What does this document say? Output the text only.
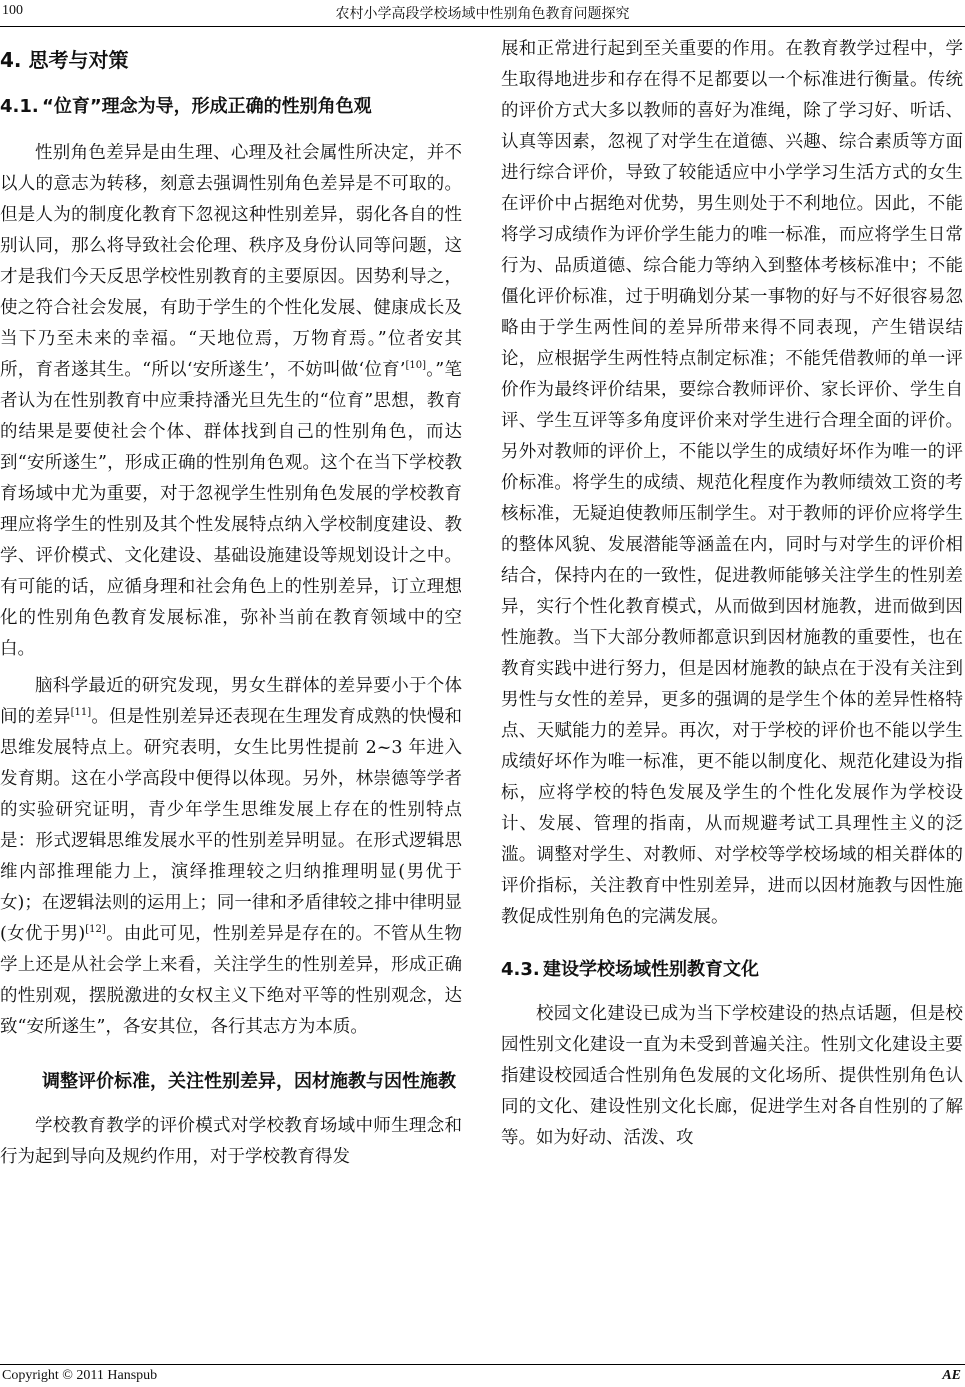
100	农村小学高段学校场域中性别角色教育问题探究
4. 思考与对策
4.1. “位育”理念为导，形成正确的性别角色观

性别角色差异是由生理、心理及社会属性所决定，并不以人的意志为转移，刻意去强调性别角色差异是不可取的。但是人为的制度化教育下忽视这种性别差异，弱化各自的性别认同，那么将导致社会伦理、秩序及身份认同等问题，这才是我们今天反思学校性别教育的主要原因。因势利导之，使之符合社会发展，有助于学生的个性化发展、健康成长及当下乃至未来的幸福。“天地位焉，万物育焉。”位者安其所，育者遂其生。“所以‘安所遂生’，不妨叫做‘位育’[10]。”笔者认为在性别教育中应秉持潘光旦先生的“位育”思想，教育的结果是要使社会个体、群体找到自己的性别角色，而达到“安所遂生”，形成正确的性别角色观。这个在当下学校教育场域中尤为重要，对于忽视学生性别角色发展的学校教育理应将学生的性别及其个性发展特点纳入学校制度建设、教学、评价模式、文化建设、基础设施建设等规划设计之中。有可能的话，应循身理和社会角色上的性别差异，订立理想化的性别角色教育发展标准，弥补当前在教育领域中的空白。

脑科学最近的研究发现，男女生群体的差异要小于个体间的差异[11]。但是性别差异还表现在生理发育成熟的快慢和思维发展特点上。研究表明，女生比男性提前 2~3 年进入发育期。这在小学高段中便得以体现。另外，林崇德等学者的实验研究证明，青少年学生思维发展上存在的性别特点是：形式逻辑思维发展水平的性别差异明显。在形式逻辑思维内部推理能力上，演绎推理较之归纳推理明显(男优于女)；在逻辑法则的运用上；同一律和矛盾律较之排中律明显(女优于男)[12]。由此可见，性别差异是存在的。不管从生物学上还是从社会学上来看，关注学生的性别差异，形成正确的性别观，摆脱激进的女权主义下绝对平等的性别观念，达致“安所遂生”，各安其位，各行其志方为本质。

调整评价标准，关注性别差异，因材施教与因性施教

学校教育教学的评价模式对学校教育场域中师生理念和行为起到导向及规约作用，对于学校教育得发

展和正常进行起到至关重要的作用。在教育教学过程中，学生取得地进步和存在得不足都要以一个标准进行衡量。传统的评价方式大多以教师的喜好为准绳，除了学习好、听话、认真等因素，忽视了对学生在道德、兴趣、综合素质等方面进行综合评价，导致了较能适应中小学学习生活方式的女生在评价中占据绝对优势，男生则处于不利地位。因此，不能将学习成绩作为评价学生能力的唯一标准，而应将学生日常行为、品质道德、综合能力等纳入到整体考核标准中；不能僵化评价标准，过于明确划分某一事物的好与不好很容易忽略由于学生两性间的差异所带来得不同表现，产生错误结论，应根据学生两性特点制定标准；不能凭借教师的单一评价作为最终评价结果，要综合教师评价、家长评价、学生自评、学生互评等多角度评价来对学生进行合理全面的评价。另外对教师的评价上，不能以学生的成绩好坏作为唯一的评价标准。将学生的成绩、规范化程度作为教师绩效工资的考核标准，无疑迫使教师压制学生。对于教师的评价应将学生的整体风貌、发展潜能等涵盖在内，同时与对学生的评价相结合，保持内在的一致性，促进教师能够关注学生的性别差异，实行个性化教育模式，从而做到因材施教，进而做到因性施教。当下大部分教师都意识到因材施教的重要性，也在教育实践中进行努力，但是因材施教的缺点在于没有关注到男性与女性的差异，更多的强调的是学生个体的差异性格特点、天赋能力的差异。再次，对于学校的评价也不能以学生成绩好坏作为唯一标准，更不能以制度化、规范化建设为指标，应将学校的特色发展及学生的个性化发展作为学校设计、发展、管理的指南，从而规避考试工具理性主义的泛滥。调整对学生、对教师、对学校等学校场域的相关群体的评价指标，关注教育中性别差异，进而以因材施教与因性施教促成性别角色的完满发展。

4.3. 建设学校场域性别教育文化

校园文化建设已成为当下学校建设的热点话题，但是校园性别文化建设一直为未受到普遍关注。性别文化建设主要指建设校园适合性别角色发展的文化场所、提供性别角色认同的文化、建设性别文化长廊，促进学生对各自性别的了解等。如为好动、活泼、攻

Copyright © 2011 Hanspub	AE
